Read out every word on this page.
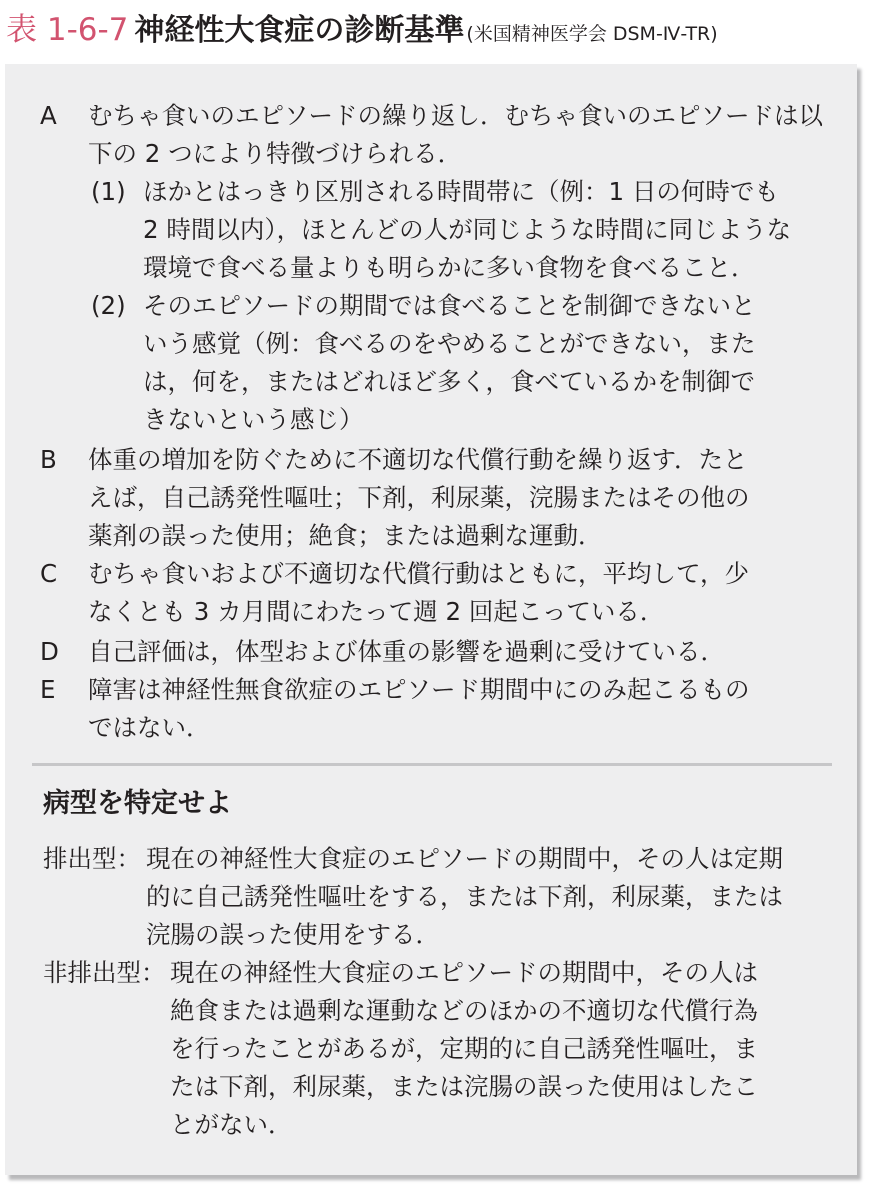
表 1-6-7 神経性大食症の診断基準 (米国精神医学会 DSM-Ⅳ-TR)
A むちゃ食いのエピソードの繰り返し．むちゃ食いのエピソードは以
下の 2 つにより特徴づけられる．
(1) ほかとはっきり区別される時間帯に（例：1 日の何時でも
2 時間以内），ほとんどの人が同じような時間に同じような
環境で食べる量よりも明らかに多い食物を食べること．
(2) そのエピソードの期間では食べることを制御できないと
いう感覚（例：食べるのをやめることができない，また
は，何を，またはどれほど多く，食べているかを制御で
きないという感じ）
B 体重の増加を防ぐために不適切な代償行動を繰り返す．たと
えば，自己誘発性嘔吐；下剤，利尿薬，浣腸またはその他の
薬剤の誤った使用；絶食；または過剰な運動．
C むちゃ食いおよび不適切な代償行動はともに，平均して，少
なくとも 3 カ月間にわたって週 2 回起こっている．
D 自己評価は，体型および体重の影響を過剰に受けている．
E 障害は神経性無食欲症のエピソード期間中にのみ起こるもの
ではない．
病型を特定せよ
排出型： 現在の神経性大食症のエピソードの期間中，その人は定期
的に自己誘発性嘔吐をする，または下剤，利尿薬，または
浣腸の誤った使用をする．
非排出型： 現在の神経性大食症のエピソードの期間中，その人は
絶食または過剰な運動などのほかの不適切な代償行為
を行ったことがあるが，定期的に自己誘発性嘔吐，ま
たは下剤，利尿薬，または浣腸の誤った使用はしたこ
とがない．
